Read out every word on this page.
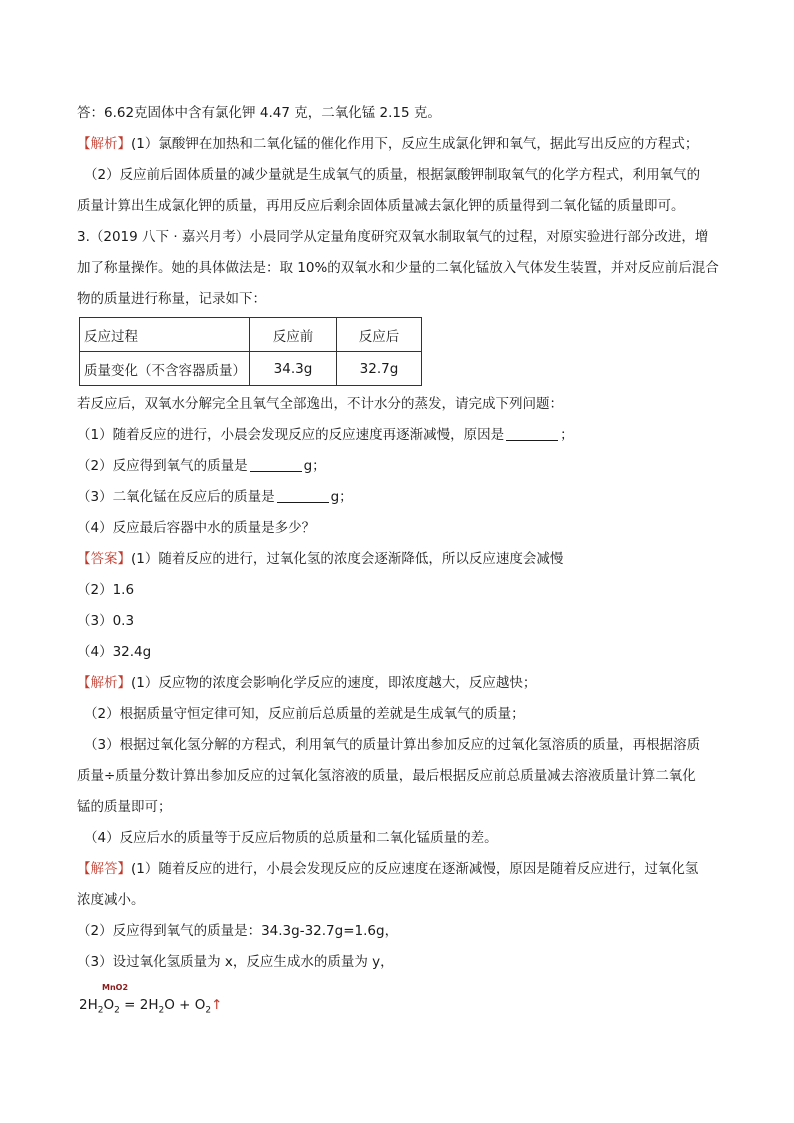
答：6.62克固体中含有氯化钾 4.47 克，二氧化锰 2.15 克。
【解析】(1）氯酸钾在加热和二氧化锰的催化作用下，反应生成氯化钾和氧气，据此写出反应的方程式；
（2）反应前后固体质量的减少量就是生成氧气的质量，根据氯酸钾制取氧气的化学方程式，利用氧气的
质量计算出生成氯化钾的质量，再用反应后剩余固体质量减去氯化钾的质量得到二氧化锰的质量即可。
3.（2019 八下 · 嘉兴月考）小晨同学从定量角度研究双氧水制取氧气的过程，对原实验进行部分改进，增
加了称量操作。她的具体做法是：取 10%的双氧水和少量的二氧化锰放入气体发生装置，并对反应前后混合
物的质量进行称量，记录如下：
反应过程	反应前	反应后
质量变化（不含容器质量）	34.3g	32.7g
若反应后，双氧水分解完全且氧气全部逸出，不计水分的蒸发，请完成下列问题：
（1）随着反应的进行，小晨会发现反应的反应速度再逐渐减慢，原因是	；
（2）反应得到氧气的质量是	g；
（3）二氧化锰在反应后的质量是	g；
（4）反应最后容器中水的质量是多少？
【答案】(1）随着反应的进行，过氧化氢的浓度会逐渐降低，所以反应速度会减慢
（2）1.6
（3）0.3
（4）32.4g
【解析】(1）反应物的浓度会影响化学反应的速度，即浓度越大，反应越快；
（2）根据质量守恒定律可知，反应前后总质量的差就是生成氧气的质量；
（3）根据过氧化氢分解的方程式，利用氧气的质量计算出参加反应的过氧化氢溶质的质量，再根据溶质
质量÷质量分数计算出参加反应的过氧化氢溶液的质量，最后根据反应前总质量减去溶液质量计算二氧化
锰的质量即可；
（4）反应后水的质量等于反应后物质的总质量和二氧化锰质量的差。
【解答】(1）随着反应的进行，小晨会发现反应的反应速度在逐渐减慢，原因是随着反应进行，过氧化氢
浓度减小。
（2）反应得到氧气的质量是：34.3g-32.7g=1.6g，
（3）设过氧化氢质量为 x，反应生成水的质量为 y，
MnO2
$2H_2O_2 = 2H_2O$ + $O_2↑$
